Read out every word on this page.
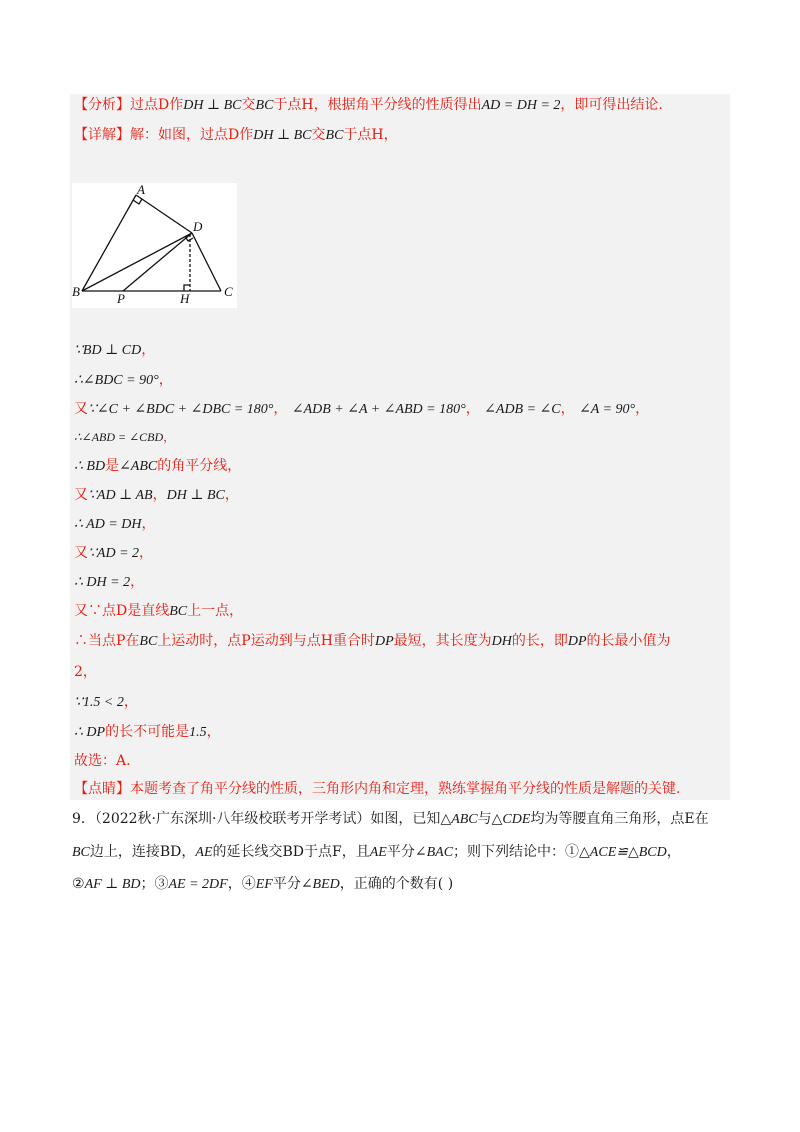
【分析】过点D作DH ⊥ BC交BC于点H，根据角平分线的性质得出AD = DH = 2，即可得出结论.
【详解】解：如图，过点D作DH ⊥ BC交BC于点H，
A
D
B	P	H	C
∵BD ⊥ CD，
∴∠BDC = 90°，
又∵∠C + ∠BDC + ∠DBC = 180°， ∠ADB + ∠A + ∠ABD = 180°， ∠ADB = ∠C， ∠A = 90°，
∴∠ABD = ∠CBD，
∴ BD是∠ABC的角平分线，
又∵AD ⊥ AB，DH ⊥ BC，
∴ AD = DH，
又∵AD = 2，
∴ DH = 2，
又∵点D是直线BC上一点，
∴当点P在BC上运动时，点P运动到与点H重合时DP最短，其长度为DH的长，即DP的长最小值为
2，
∵1.5 < 2，
∴ DP的长不可能是1.5，
故选：A.
【点睛】本题考查了角平分线的性质，三角形内角和定理，熟练掌握角平分线的性质是解题的关键.
9．（2022秋·广东深圳·八年级校联考开学考试）如图，已知△ABC与△CDE均为等腰直角三角形，点E在
BC边上，连接BD，AE的延长线交BD于点F，且AE平分∠BAC；则下列结论中：①△ACE≌△BCD，
②AF ⊥ BD；③AE = 2DF，④EF平分∠BED，正确的个数有( )
